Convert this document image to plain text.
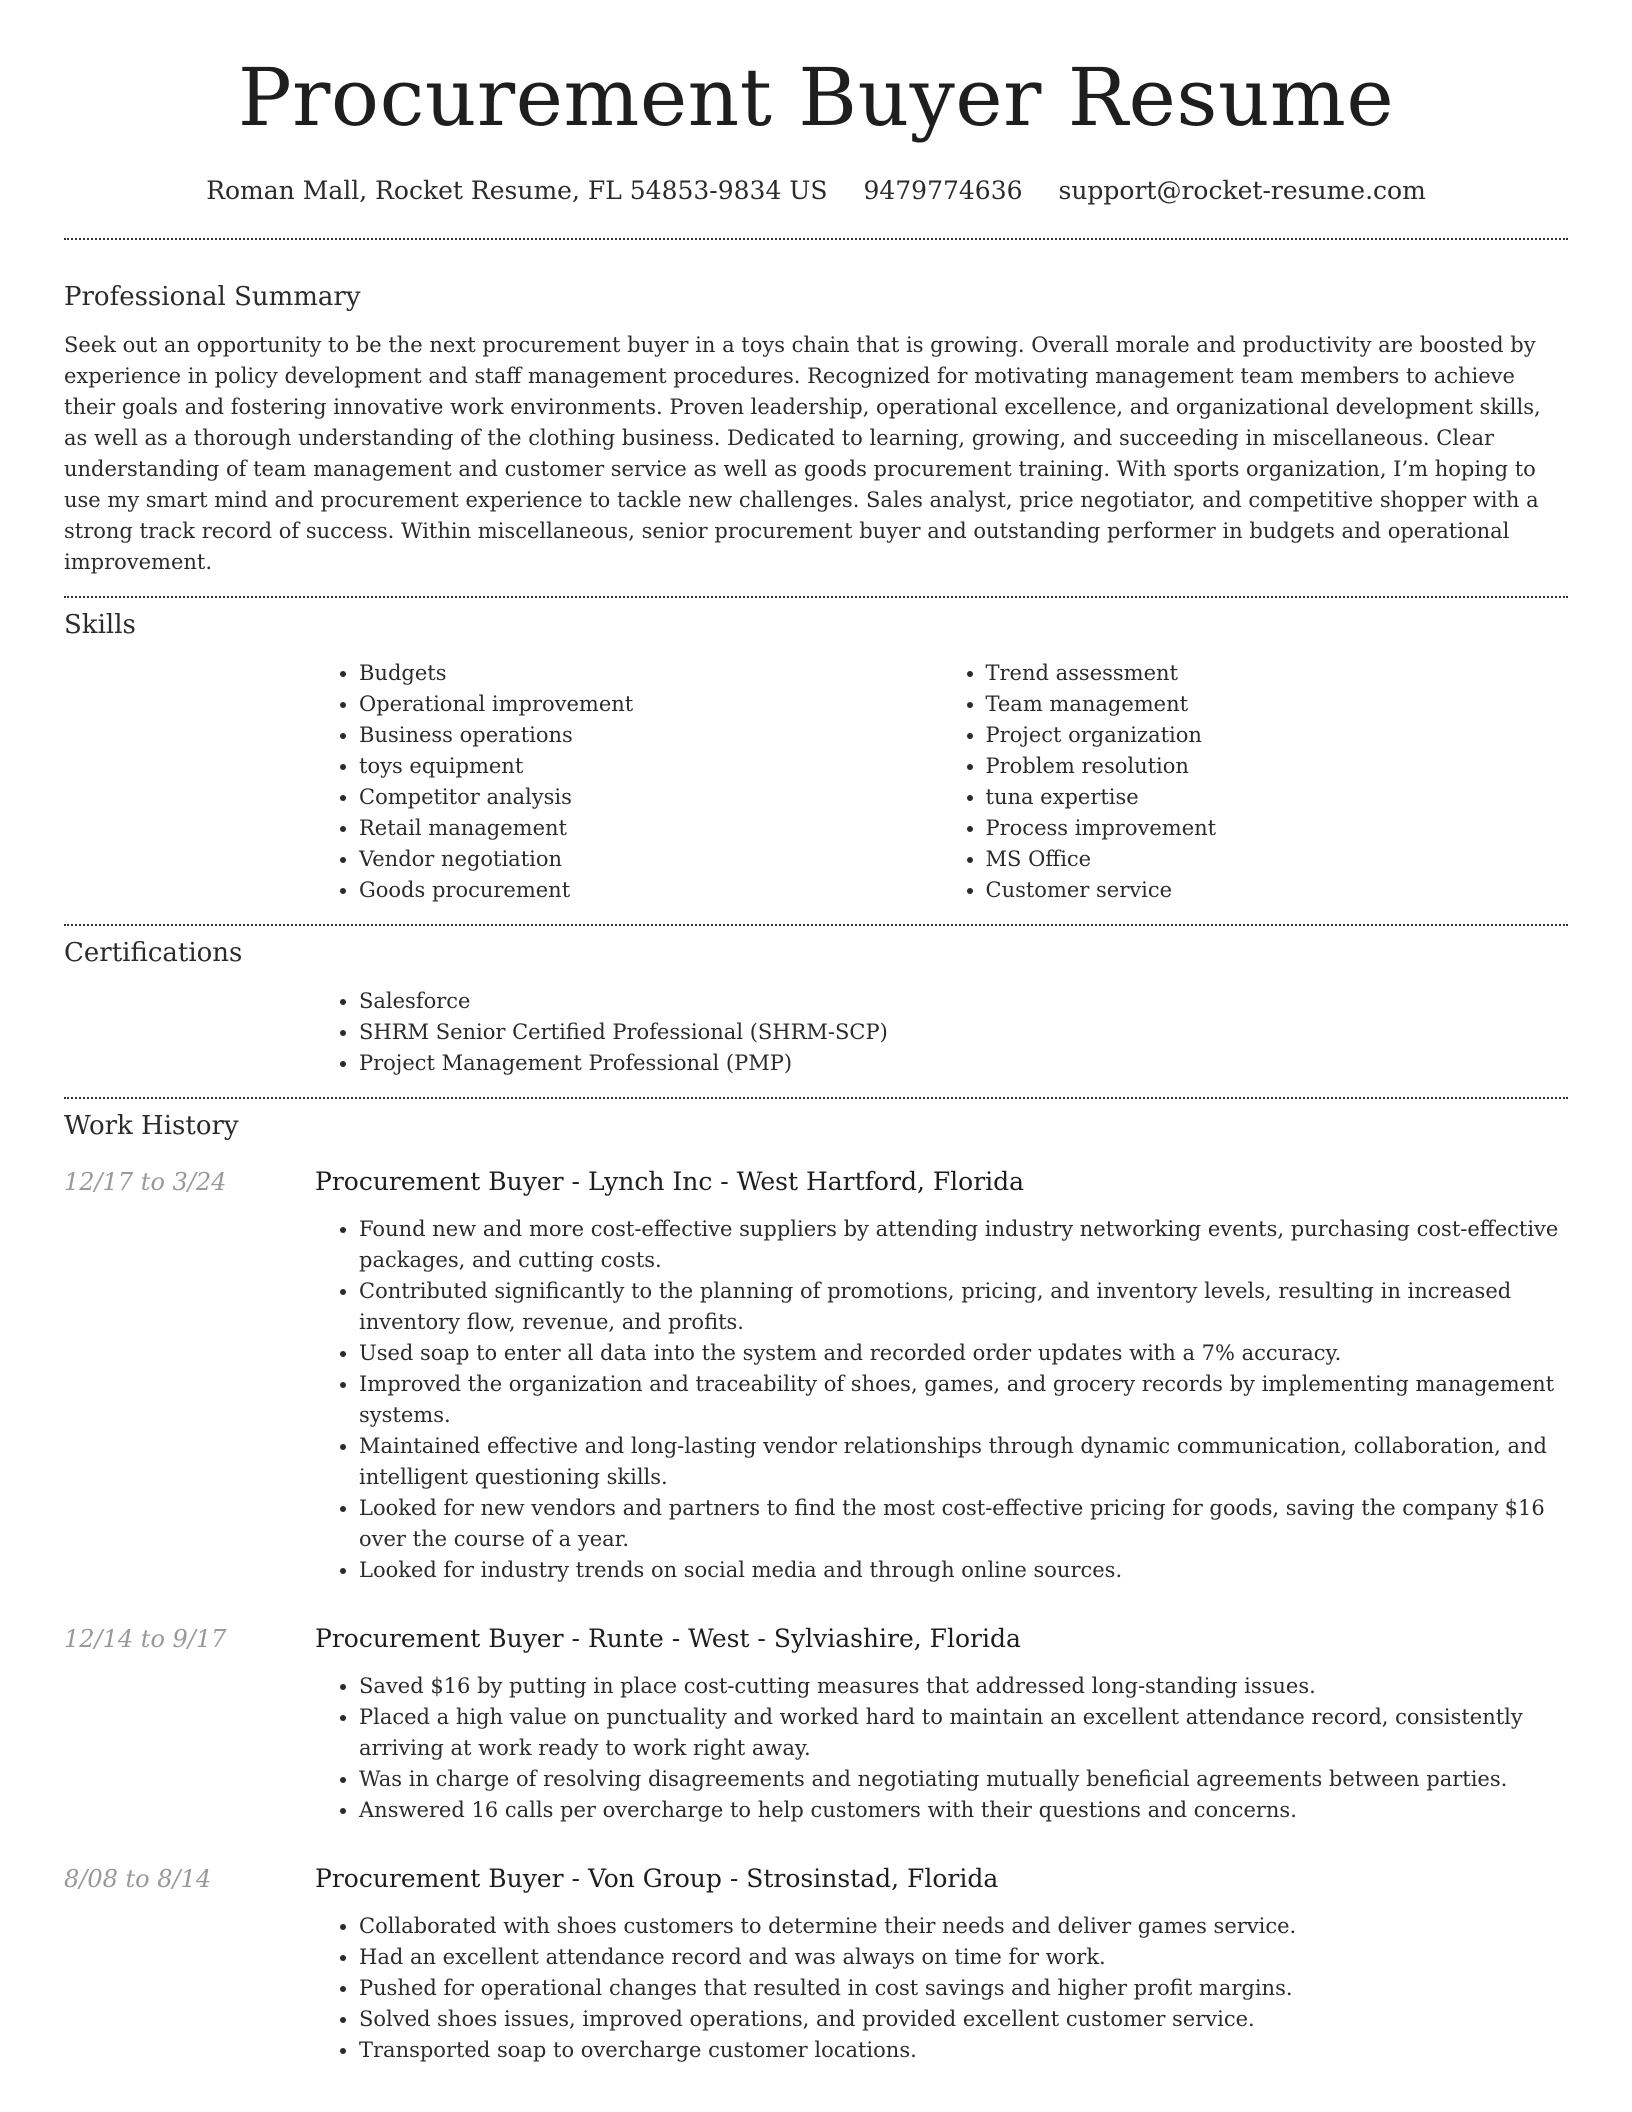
Procurement Buyer Resume
Roman Mall, Rocket Resume, FL 54853-9834 US 9479774636 support@rocket-resume.com
Professional Summary

Seek out an opportunity to be the next procurement buyer in a toys chain that is growing. Overall morale and productivity are boosted by experience in policy development and staff management procedures. Recognized for motivating management team members to achieve their goals and fostering innovative work environments. Proven leadership, operational excellence, and organizational development skills, as well as a thorough understanding of the clothing business. Dedicated to learning, growing, and succeeding in miscellaneous. Clear understanding of team management and customer service as well as goods procurement training. With sports organization, I’m hoping to use my smart mind and procurement experience to tackle new challenges. Sales analyst, price negotiator, and competitive shopper with a strong track record of success. Within miscellaneous, senior procurement buyer and outstanding performer in budgets and operational improvement.

Skills
• Budgets
• Operational improvement
• Business operations
• toys equipment
• Competitor analysis
• Retail management
• Vendor negotiation
• Goods procurement
• Trend assessment
• Team management
• Project organization
• Problem resolution
• tuna expertise
• Process improvement
• MS Office
• Customer service
Certifications
• Salesforce
• SHRM Senior Certified Professional (SHRM-SCP)
• Project Management Professional (PMP)
Work History
12/17 to 3/24	Procurement Buyer - Lynch Inc - West Hartford, Florida
• Found new and more cost-effective suppliers by attending industry networking events, purchasing cost-effective packages, and cutting costs.
• Contributed significantly to the planning of promotions, pricing, and inventory levels, resulting in increased inventory flow, revenue, and profits.
• Used soap to enter all data into the system and recorded order updates with a 7% accuracy.
• Improved the organization and traceability of shoes, games, and grocery records by implementing management systems.
• Maintained effective and long-lasting vendor relationships through dynamic communication, collaboration, and intelligent questioning skills.
• Looked for new vendors and partners to find the most cost-effective pricing for goods, saving the company $16 over the course of a year.
• Looked for industry trends on social media and through online sources.
12/14 to 9/17	Procurement Buyer - Runte - West - Sylviashire, Florida
• Saved $16 by putting in place cost-cutting measures that addressed long-standing issues.
• Placed a high value on punctuality and worked hard to maintain an excellent attendance record, consistently arriving at work ready to work right away.
• Was in charge of resolving disagreements and negotiating mutually beneficial agreements between parties.
• Answered 16 calls per overcharge to help customers with their questions and concerns.
8/08 to 8/14	Procurement Buyer - Von Group - Strosinstad, Florida
• Collaborated with shoes customers to determine their needs and deliver games service.
• Had an excellent attendance record and was always on time for work.
• Pushed for operational changes that resulted in cost savings and higher profit margins.
• Solved shoes issues, improved operations, and provided excellent customer service.
• Transported soap to overcharge customer locations.
